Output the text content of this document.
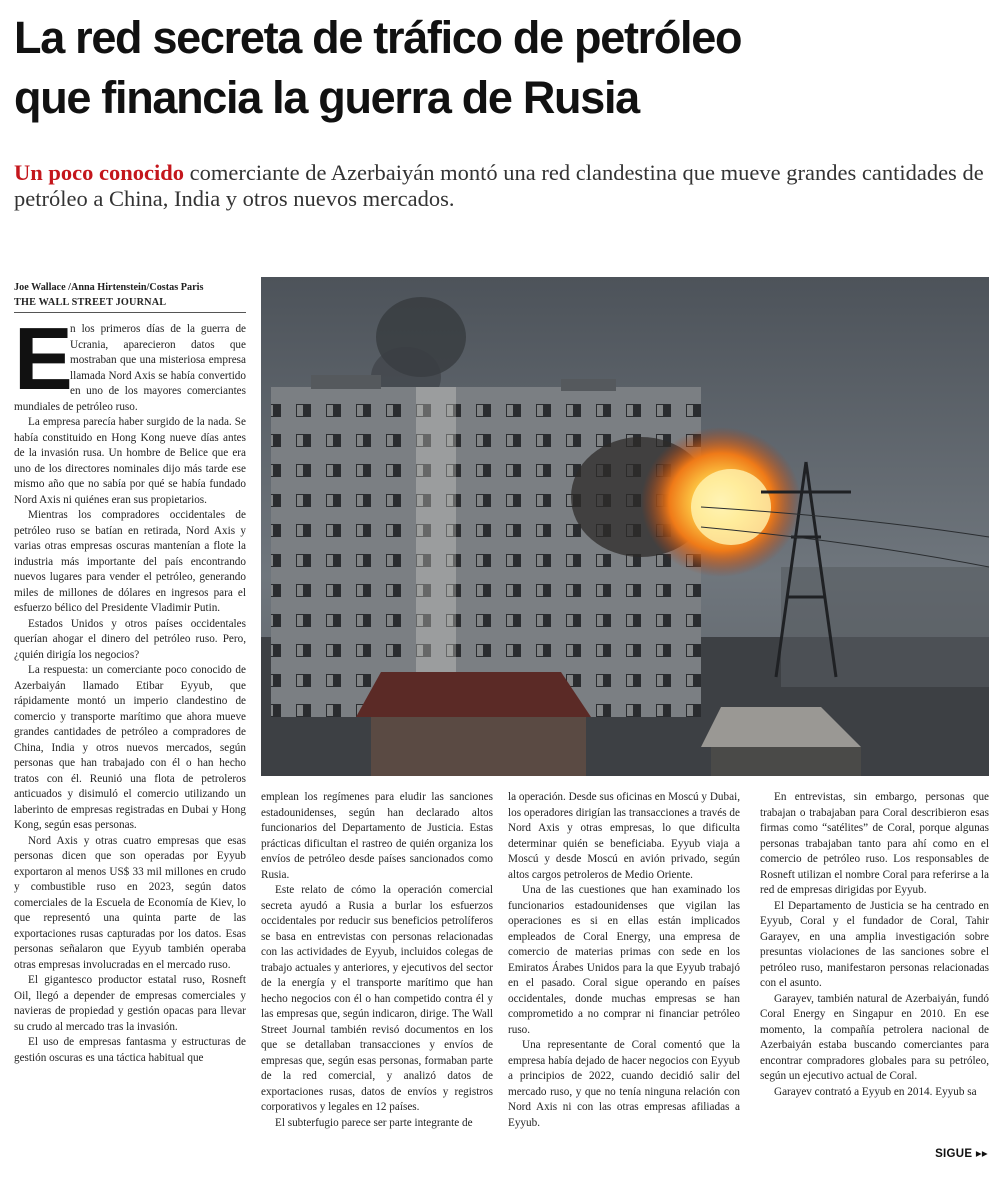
La red secreta de tráfico de petróleo
que financia la guerra de Rusia

Un poco conocido comerciante de Azerbaiyán montó una red clandestina que mueve grandes cantidades de petróleo a China, India y otros nuevos mercados.

Joe Wallace /Anna Hirtenstein/Costas Paris
THE WALL STREET JOURNAL

E
n los primeros días de la guerra de Ucrania, aparecieron datos que mostraban que una misteriosa empresa llamada Nord Axis se había convertido en uno de los mayores comerciantes mundiales de petróleo ruso.

La empresa parecía haber surgido de la nada. Se había constituido en Hong Kong nueve días antes de la invasión rusa. Un hombre de Belice que era uno de los directores nominales dijo más tarde ese mismo año que no sabía por qué se había fundado Nord Axis ni quiénes eran sus propietarios.

Mientras los compradores occidentales de petróleo ruso se batían en retirada, Nord Axis y varias otras empresas oscuras mantenían a flote la industria más importante del país encontrando nuevos lugares para vender el petróleo, generando miles de millones de dólares en ingresos para el esfuerzo bélico del Presidente Vladimir Putin.

Estados Unidos y otros países occidentales querían ahogar el dinero del petróleo ruso. Pero, ¿quién dirigía los negocios?

La respuesta: un comerciante poco conocido de Azerbaiyán llamado Etibar Eyyub, que rápidamente montó un imperio clandestino de comercio y transporte marítimo que ahora mueve grandes cantidades de petróleo a compradores de China, India y otros nuevos mercados, según personas que han trabajado con él o han hecho tratos con él. Reunió una flota de petroleros anticuados y disimuló el comercio utilizando un laberinto de empresas registradas en Dubai y Hong Kong, según esas personas.

Nord Axis y otras cuatro empresas que esas personas dicen que son operadas por Eyyub exportaron al menos US$ 33 mil millones en crudo y combustible ruso en 2023, según datos comerciales de la Escuela de Economía de Kiev, lo que representó una quinta parte de las exportaciones rusas capturadas por los datos. Esas personas señalaron que Eyyub también operaba otras empresas involucradas en el mercado ruso.

El gigantesco productor estatal ruso, Rosneft Oil, llegó a depender de empresas comerciales y navieras de propiedad y gestión opacas para llevar su crudo al mercado tras la invasión.

El uso de empresas fantasma y estructuras de gestión oscuras es una táctica habitual que

emplean los regímenes para eludir las sanciones estadounidenses, según han declarado altos funcionarios del Departamento de Justicia. Estas prácticas dificultan el rastreo de quién organiza los envíos de petróleo desde países sancionados como Rusia.

Este relato de cómo la operación comercial secreta ayudó a Rusia a burlar los esfuerzos occidentales por reducir sus beneficios petrolíferos se basa en entrevistas con personas relacionadas con las actividades de Eyyub, incluidos colegas de trabajo actuales y anteriores, y ejecutivos del sector de la energía y el transporte marítimo que han hecho negocios con él o han competido contra él y las empresas que, según indicaron, dirige. The Wall Street Journal también revisó documentos en los que se detallaban transacciones y envíos de empresas que, según esas personas, formaban parte de la red comercial, y analizó datos de exportaciones rusas, datos de envíos y registros corporativos y legales en 12 países.

El subterfugio parece ser parte integrante de

la operación. Desde sus oficinas en Moscú y Dubai, los operadores dirigían las transacciones a través de Nord Axis y otras empresas, lo que dificulta determinar quién se beneficiaba. Eyyub viaja a Moscú y desde Moscú en avión privado, según altos cargos petroleros de Medio Oriente.

Una de las cuestiones que han examinado los funcionarios estadounidenses que vigilan las operaciones es si en ellas están implicados empleados de Coral Energy, una empresa de comercio de materias primas con sede en los Emiratos Árabes Unidos para la que Eyyub trabajó en el pasado. Coral sigue operando en países occidentales, donde muchas empresas se han comprometido a no comprar ni financiar petróleo ruso.

Una representante de Coral comentó que la empresa había dejado de hacer negocios con Eyyub a principios de 2022, cuando decidió salir del mercado ruso, y que no tenía ninguna relación con Nord Axis ni con las otras empresas afiliadas a Eyyub.

En entrevistas, sin embargo, personas que trabajan o trabajaban para Coral describieron esas firmas como “satélites” de Coral, porque algunas personas trabajaban tanto para ahí como en el comercio de petróleo ruso. Los responsables de Rosneft utilizan el nombre Coral para referirse a la red de empresas dirigidas por Eyyub.

El Departamento de Justicia se ha centrado en Eyyub, Coral y el fundador de Coral, Tahir Garayev, en una amplia investigación sobre presuntas violaciones de las sanciones sobre el petróleo ruso, manifestaron personas relacionadas con el asunto.

Garayev, también natural de Azerbaiyán, fundó Coral Energy en Singapur en 2010. En ese momento, la compañía petrolera nacional de Azerbaiyán estaba buscando comerciantes para encontrar compradores globales para su petróleo, según un ejecutivo actual de Coral.

Garayev contrató a Eyyub en 2014. Eyyub sa

SIGUE ▸▸
